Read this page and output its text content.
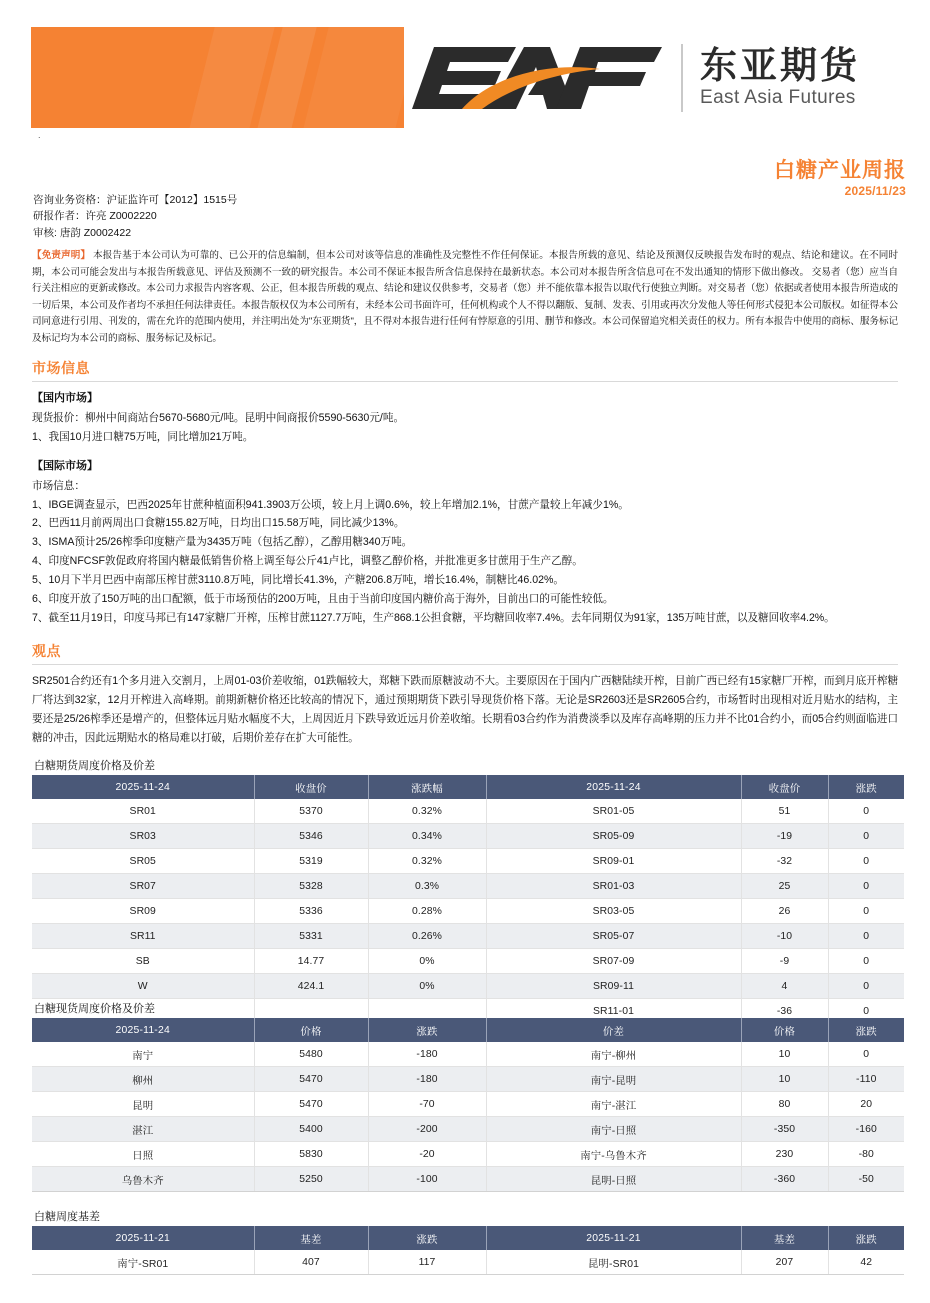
东亚期货
East Asia Futures
.
白糖产业周报
2025/11/23
咨询业务资格：沪证监许可【2012】1515号
研报作者：许亮 Z0002220
审核: 唐韵 Z0002422
【免责声明】 本报告基于本公司认为可靠的、已公开的信息编制，但本公司对该等信息的准确性及完整性不作任何保证。本报告所载的意见、结论及预测仅反映报告发布时的观点、结论和建议。在不同时期，本公司可能会发出与本报告所载意见、评估及预测不一致的研究报告。本公司不保证本报告所含信息保持在最新状态。本公司对本报告所含信息可在不发出通知的情形下做出修改。 交易者（您）应当自行关注相应的更新或修改。本公司力求报告内容客观、公正，但本报告所载的观点、结论和建议仅供参考，交易者（您）并不能依靠本报告以取代行使独立判断。对交易者（您）依据或者使用本报告所造成的一切后果，本公司及作者均不承担任何法律责任。本报告版权仅为本公司所有，未经本公司书面许可，任何机构或个人不得以翻版、复制、发表、引用或再次分发他人等任何形式侵犯本公司版权。如征得本公司同意进行引用、刊发的，需在允许的范围内使用，并注明出处为"东亚期货"，且不得对本报告进行任何有悖原意的引用、删节和修改。本公司保留追究相关责任的权力。所有本报告中使用的商标、服务标记及标记均为本公司的商标、服务标记及标记。
市场信息
【国内市场】

现货报价：柳州中间商站台5670-5680元/吨。昆明中间商报价5590-5630元/吨。

1、我国10月进口糖75万吨，同比增加21万吨。

【国际市场】

市场信息：

1、IBGE调查显示，巴西2025年甘蔗种植面积941.3903万公顷，较上月上调0.6%，较上年增加2.1%，甘蔗产量较上年减少1%。

2、巴西11月前两周出口食糖155.82万吨，日均出口15.58万吨，同比减少13%。

3、ISMA预计25/26榨季印度糖产量为3435万吨（包括乙醇），乙醇用糖340万吨。

4、印度NFCSF敦促政府将国内糖最低销售价格上调至每公斤41卢比，调整乙醇价格，并批准更多甘蔗用于生产乙醇。

5、10月下半月巴西中南部压榨甘蔗3110.8万吨，同比增长41.3%，产糖206.8万吨，增长16.4%，制糖比46.02%。

6、印度开放了150万吨的出口配额，低于市场预估的200万吨，且由于当前印度国内糖价高于海外，目前出口的可能性较低。

7、截至11月19日，印度马邦已有147家糖厂开榨，压榨甘蔗1127.7万吨，生产868.1公担食糖，平均糖回收率7.4%。去年同期仅为91家，135万吨甘蔗，以及糖回收率4.2%。

观点

SR2501合约还有1个多月进入交割月，上周01-03价差收缩，01跌幅较大，郑糖下跌而原糖波动不大。主要原因在于国内广西糖陆续开榨，目前广西已经有15家糖厂开榨，而到月底开榨糖厂将达到32家，12月开榨进入高峰期。前期新糖价格还比较高的情况下，通过预期期货下跌引导现货价格下落。无论是SR2603还是SR2605合约，市场暂时出现相对近月贴水的结构，主要还是25/26榨季还是增产的，但整体远月贴水幅度不大，上周因近月下跌导致近远月价差收缩。长期看03合约作为消费淡季以及库存高峰期的压力并不比01合约小，而05合约则面临进口糖的冲击，因此远期贴水的格局难以打破，后期价差存在扩大可能性。

白糖期货周度价格及价差
2025-11-24	收盘价	涨跌幅	2025-11-24	收盘价	涨跌
SR01	5370	0.32%	SR01-05	51	0
SR03	5346	0.34%	SR05-09	-19	0
SR05	5319	0.32%	SR09-01	-32	0
SR07	5328	0.3%	SR01-03	25	0
SR09	5336	0.28%	SR03-05	26	0
SR11	5331	0.26%	SR05-07	-10	0
SB	14.77	0%	SR07-09	-9	0
W	424.1	0%	SR09-11	4	0
			SR11-01	-36	0
白糖现货周度价格及价差
2025-11-24	价格	涨跌	价差	价格	涨跌
南宁	5480	-180	南宁-柳州	10	0
柳州	5470	-180	南宁-昆明	10	-110
昆明	5470	-70	南宁-湛江	80	20
湛江	5400	-200	南宁-日照	-350	-160
日照	5830	-20	南宁-乌鲁木齐	230	-80
乌鲁木齐	5250	-100	昆明-日照	-360	-50
白糖周度基差
2025-11-21	基差	涨跌	2025-11-21	基差	涨跌
南宁-SR01	407	117	昆明-SR01	207	42
